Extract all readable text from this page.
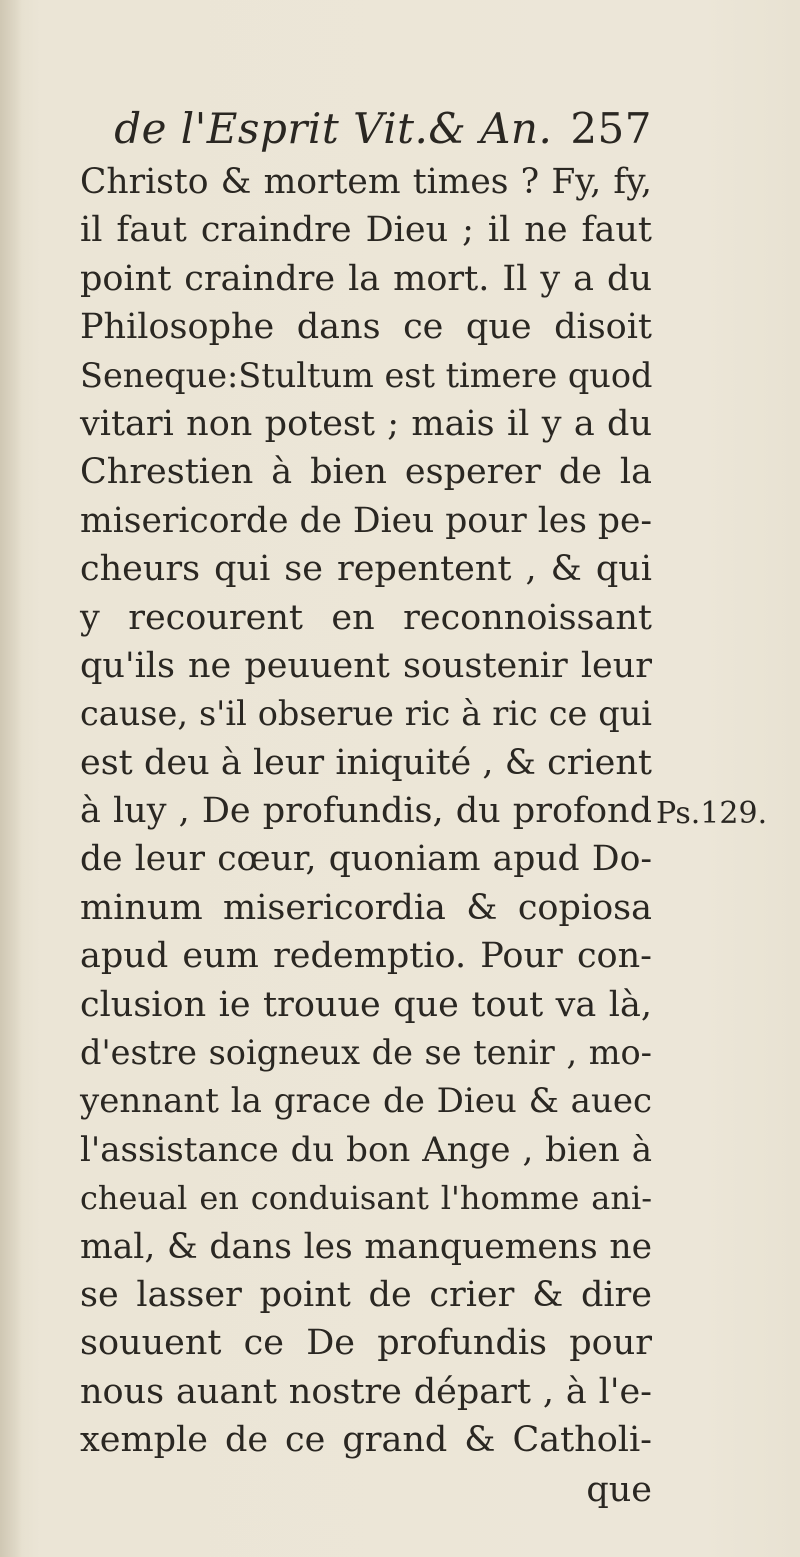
de l'Esprit Vit.& An. 257
Christo & mortem times ? Fy, fy,
il faut craindre Dieu ; il ne faut
point craindre la mort. Il y a du
Philosophe dans ce que disoit
Seneque:Stultum est timere quod
vitari non potest ; mais il y a du
Chrestien à bien esperer de la
misericorde de Dieu pour les pe-
cheurs qui se repentent , & qui
y recourent en reconnoissant
qu'ils ne peuuent soustenir leur
cause, s'il obserue ric à ric ce qui
est deu à leur iniquité , & crient
à luy , De profundis, du profond
de leur cœur, quoniam apud Do-
minum misericordia & copiosa
apud eum redemptio. Pour con-
clusion ie trouue que tout va là,
d'estre soigneux de se tenir , mo-
yennant la grace de Dieu & auec
l'assistance du bon Ange , bien à
cheual en conduisant l'homme ani-
mal, & dans les manquemens ne
se lasser point de crier & dire
souuent ce De profundis pour
nous auant nostre départ , à l'e-
xemple de ce grand & Catholi-
que
Ps.129.
